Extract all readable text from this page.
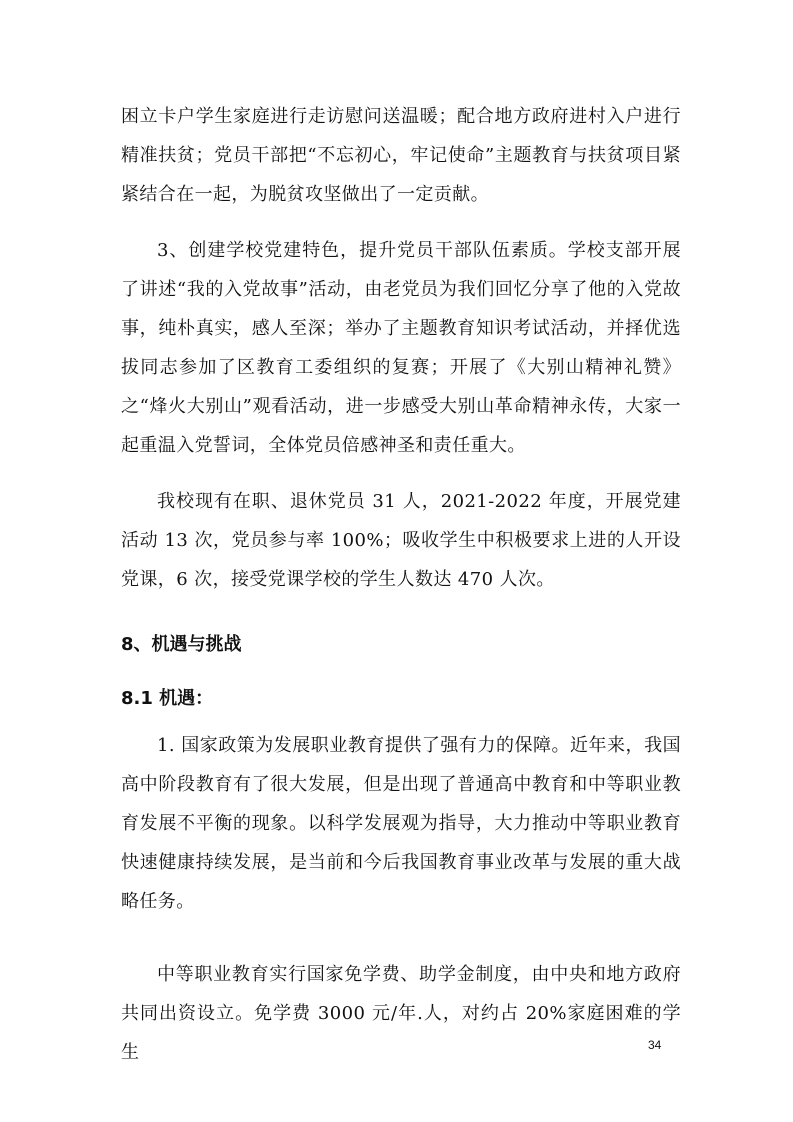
困立卡户学生家庭进行走访慰问送温暖；配合地方政府进村入户进行精准扶贫；党员干部把“不忘初心，牢记使命”主题教育与扶贫项目紧紧结合在一起，为脱贫攻坚做出了一定贡献。

3、创建学校党建特色，提升党员干部队伍素质。学校支部开展了讲述“我的入党故事”活动，由老党员为我们回忆分享了他的入党故事，纯朴真实，感人至深；举办了主题教育知识考试活动，并择优选拔同志参加了区教育工委组织的复赛；开展了《大别山精神礼赞》之“烽火大别山”观看活动，进一步感受大别山革命精神永传，大家一起重温入党誓词，全体党员倍感神圣和责任重大。

我校现有在职、退休党员 31 人，2021-2022 年度，开展党建活动 13 次，党员参与率 100%；吸收学生中积极要求上进的人开设党课，6 次，接受党课学校的学生人数达 470 人次。

8、机遇与挑战
8.1 机遇：

1. 国家政策为发展职业教育提供了强有力的保障。近年来，我国高中阶段教育有了很大发展，但是出现了普通高中教育和中等职业教育发展不平衡的现象。以科学发展观为指导，大力推动中等职业教育快速健康持续发展，是当前和今后我国教育事业改革与发展的重大战略任务。

中等职业教育实行国家免学费、助学金制度，由中央和地方政府共同出资设立。免学费 3000 元/年.人，对约占 20%家庭困难的学生	34
